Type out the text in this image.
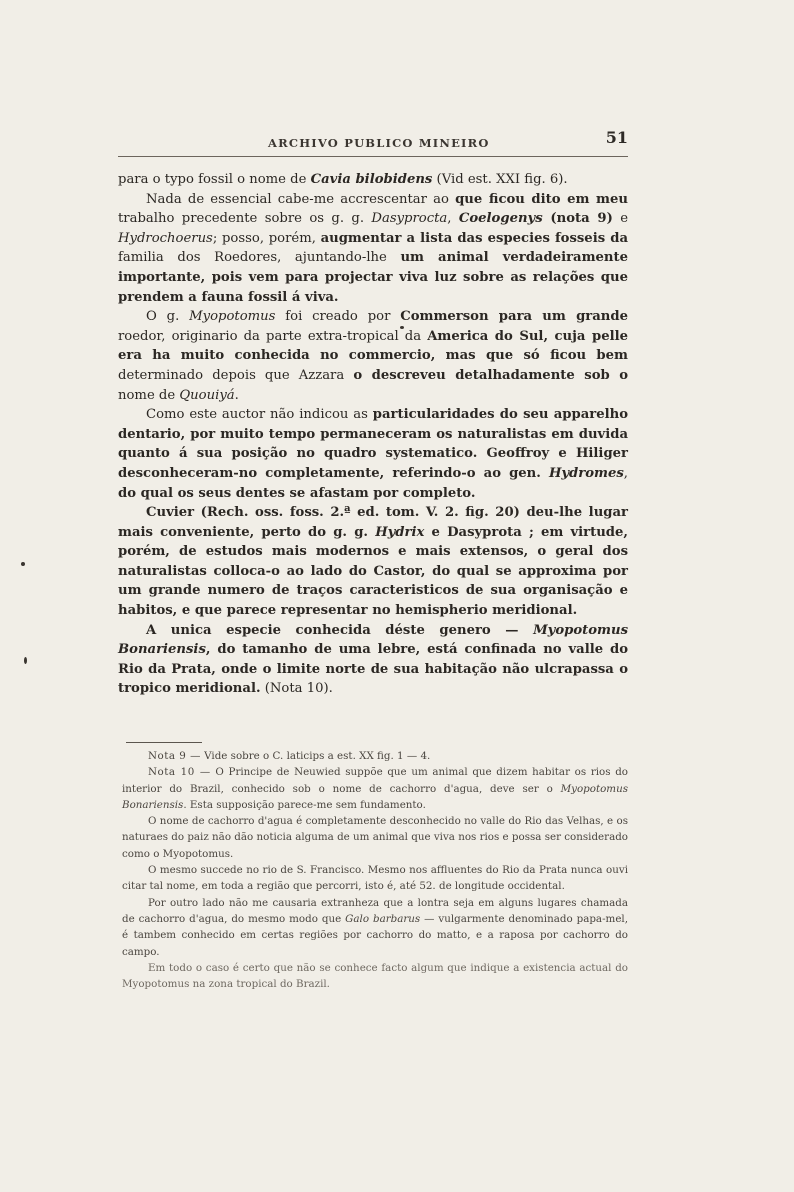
ARCHIVO PUBLICO MINEIRO	51

para o typo fossil o nome de Cavia bilobidens (Vid est. XXI fig. 6).

Nada de essencial cabe-me accrescentar ao que ficou dito em meu trabalho precedente sobre os g. g. Dasyprocta, Coelogenys (nota 9) e Hydrochoerus; posso, porém, augmentar a lista das especies fosseis da familia dos Roedores, ajuntando-lhe um animal verdadeiramente importante, pois vem para projectar viva luz sobre as relações que prendem a fauna fossil á viva.

O g. Myopotomus foi creado por Commerson para um grande roedor, originario da parte extra-tropical da America do Sul, cuja pelle era ha muito conhecida no commercio, mas que só ficou bem determinado depois que Azzara o descreveu detalhadamente sob o nome de Quouiyá.

Como este auctor não indicou as particularidades do seu apparelho dentario, por muito tempo permaneceram os naturalistas em duvida quanto á sua posição no quadro systematico. Geoffroy e Hiliger desconheceram-no completamente, referindo-o ao gen. Hydromes, do qual os seus dentes se afastam por completo.

Cuvier (Rech. oss. foss. 2.ª ed. tom. V. 2. fig. 20) deu-lhe lugar mais conveniente, perto do g. g. Hydrix e Dasyprota ; em virtude, porém, de estudos mais modernos e mais extensos, o geral dos naturalistas colloca-o ao lado do Castor, do qual se approxima por um grande numero de traços caracteristicos de sua organisação e habitos, e que parece representar no hemispherio meridional.

A unica especie conhecida déste genero — Myopotomus Bonariensis, do tamanho de uma lebre, está confinada no valle do Rio da Prata, onde o limite norte de sua habitação não ulcrapassa o tropico meridional. (Nota 10).

Nota 9 — Vide sobre o C. laticips a est. XX fig. 1 — 4.

Nota 10 — O Principe de Neuwied suppõe que um animal que dizem habitar os rios do interior do Brazil, conhecido sob o nome de cachorro d'agua, deve ser o Myopotomus Bonariensis. Esta supposição parece-me sem fundamento.

O nome de cachorro d'agua é completamente desconhecido no valle do Rio das Velhas, e os naturaes do paiz não dão noticia alguma de um animal que viva nos rios e possa ser considerado como o Myopotomus.

O mesmo succede no rio de S. Francisco. Mesmo nos affluentes do Rio da Prata nunca ouvi citar tal nome, em toda a região que percorri, isto é, até 52. de longitude occidental.

Por outro lado não me causaria extranheza que a lontra seja em alguns lugares chamada de cachorro d'agua, do mesmo modo que Galo barbarus — vulgarmente denominado papa-mel, é tambem conhecido em certas regiões por cachorro do matto, e a raposa por cachorro do campo.

Em todo o caso é certo que não se conhece facto algum que indique a existencia actual do Myopotomus na zona tropical do Brazil.
